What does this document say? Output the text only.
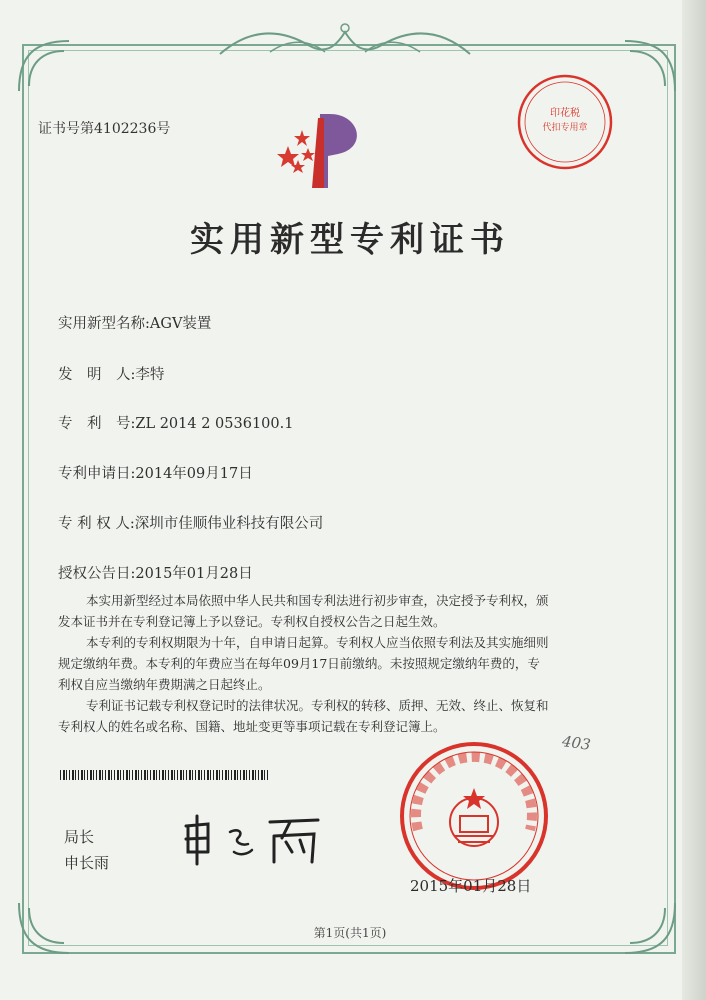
证书号第4102236号
印花税
代扣专用章
实用新型专利证书
实用新型名称:AGV装置
发　明　人:李特
专　利　号:ZL 2014 2 0536100.1
专利申请日:2014年09月17日
专 利 权 人:深圳市佳顺伟业科技有限公司
授权公告日:2015年01月28日
本实用新型经过本局依照中华人民共和国专利法进行初步审查，决定授予专利权，颁
发本证书并在专利登记簿上予以登记。专利权自授权公告之日起生效。
本专利的专利权期限为十年，自申请日起算。专利权人应当依照专利法及其实施细则
规定缴纳年费。本专利的年费应当在每年09月17日前缴纳。未按照规定缴纳年费的，专
利权自应当缴纳年费期满之日起终止。
专利证书记载专利权登记时的法律状况。专利权的转移、质押、无效、终止、恢复和
专利权人的姓名或名称、国籍、地址变更等事项记载在专利登记簿上。
403
局长
申长雨
2015年01月28日
第1页(共1页)
